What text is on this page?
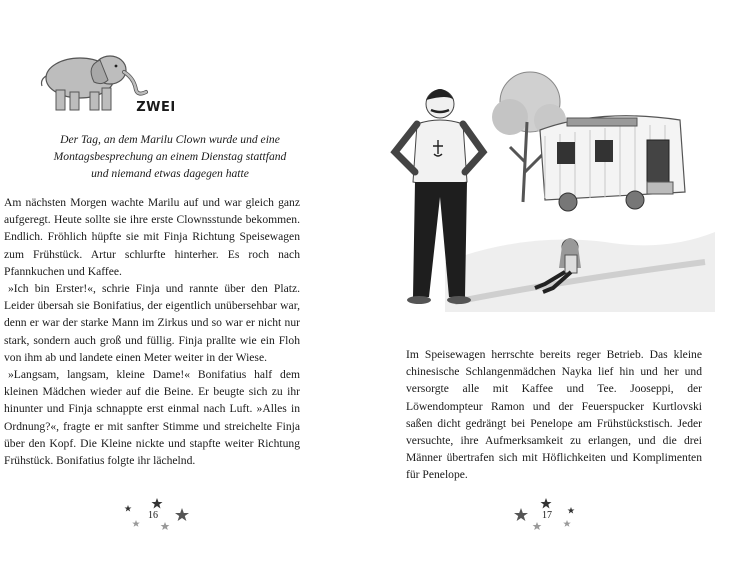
ZWEI
Der Tag, an dem Marilu Clown wurde und eine
Montagsbesprechung an einem Dienstag stattfand
und niemand etwas dagegen hatte

Am nächsten Morgen wachte Marilu auf und war gleich ganz aufgeregt. Heute sollte sie ihre erste Clownsstunde bekommen. Endlich. Fröhlich hüpfte sie mit Finja Richtung Speisewagen zum Frühstück. Artur schlurfte hinterher. Es roch nach Pfannkuchen und Kaffee.

»Ich bin Erster!«, schrie Finja und rannte über den Platz. Leider übersah sie Bonifatius, der eigentlich unübersehbar war, denn er war der starke Mann im Zirkus und so war er nicht nur stark, sondern auch groß und füllig. Finja prallte wie ein Floh von ihm ab und landete einen Meter weiter in der Wiese.

»Langsam, langsam, kleine Dame!« Bonifatius half dem kleinen Mädchen wieder auf die Beine. Er beugte sich zu ihr hinunter und Finja schnappte erst einmal nach Luft. »Alles in Ordnung?«, fragte er mit sanfter Stimme und streichelte Finja über den Kopf. Die Kleine nickte und stapfte weiter Richtung Frühstück. Bonifatius folgte ihr lächelnd.

16

Im Speisewagen herrschte bereits reger Betrieb. Das kleine chinesische Schlangenmädchen Nayka lief hin und her und versorgte alle mit Kaffee und Tee. Jooseppi, der Löwendompteur Ramon und der Feuerspucker Kurtlovski saßen dicht gedrängt bei Penelope am Frühstückstisch. Jeder versuchte, ihre Aufmerksamkeit zu erlangen, und die drei Männer übertrafen sich mit Höflichkeiten und Komplimenten für Penelope.

17
